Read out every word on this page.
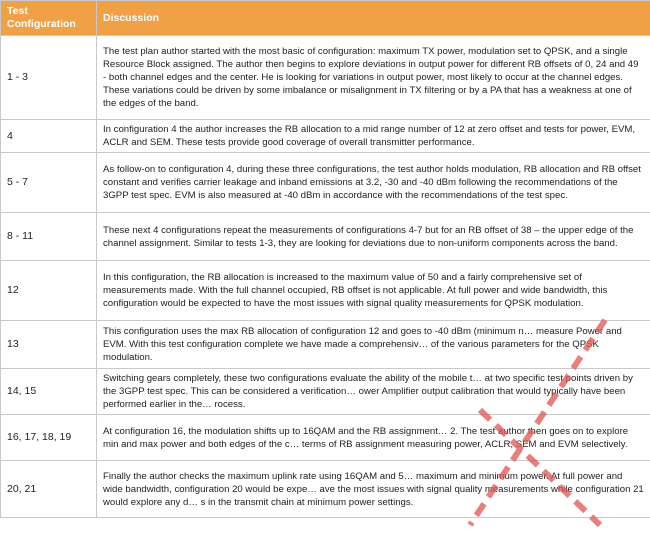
Test Configuration	Discussion
1 - 3	The test plan author started with the most basic of configuration: maximum TX power, modulation set to QPSK, and a single Resource Block assigned. The author then begins to explore deviations in output power for different RB offsets of 0, 24 and 49 - both channel edges and the center. He is looking for variations in output power, most likely to occur at the channel edges. These variations could be driven by some imbalance or misalignment in TX filtering or by a PA that has a weakness at one of the edges of the band.
4	In configuration 4 the author increases the RB allocation to a mid range number of 12 at zero offset and tests for power, EVM, ACLR and SEM. These tests provide good coverage of overall transmitter performance.
5 - 7	As follow-on to configuration 4, during these three configurations, the test author holds modulation, RB allocation and RB offset constant and verifies carrier leakage and inband emissions at 3.2, -30 and -40 dBm following the recommendations of the 3GPP test spec. EVM is also measured at -40 dBm in accordance with the recommendations of the test spec.
8 - 11	These next 4 configurations repeat the measurements of configurations 4-7 but for an RB offset of 38 – the upper edge of the channel assignment. Similar to tests 1-3, they are looking for deviations due to non-uniform components across the band.
12	In this configuration, the RB allocation is increased to the maximum value of 50 and a fairly comprehensive set of measurements made. With the full channel occupied, RB offset is not applicable. At full power and wide bandwidth, this configuration would be expected to have the most issues with signal quality measurements for QPSK modulation.
13	This configuration uses the max RB allocation of configuration 12 and goes to -40 dBm (minimum n… measure Power and EVM. With this test configuration complete we have made a comprehensiv… of the various parameters for the QPSK modulation.
14, 15	Switching gears completely, these two configurations evaluate the ability of the mobile t… at two specific test points driven by the 3GPP test spec. This can be considered a verification… ower Amplifier output calibration that would typically have been performed earlier in the… rocess.
16, 17, 18, 19	At configuration 16, the modulation shifts up to 16QAM and the RB assignment… 2. The test author then goes on to explore min and max power and both edges of the c… terms of RB assignment measuring power, ACLR, SEM and EVM selectively.
20, 21	Finally the author checks the maximum uplink rate using 16QAM and 5… maximum and minimum power. At full power and wide bandwidth, configuration 20 would be expe… ave the most issues with signal quality measurements while configuration 21 would explore any d… s in the transmit chain at minimum power settings.
